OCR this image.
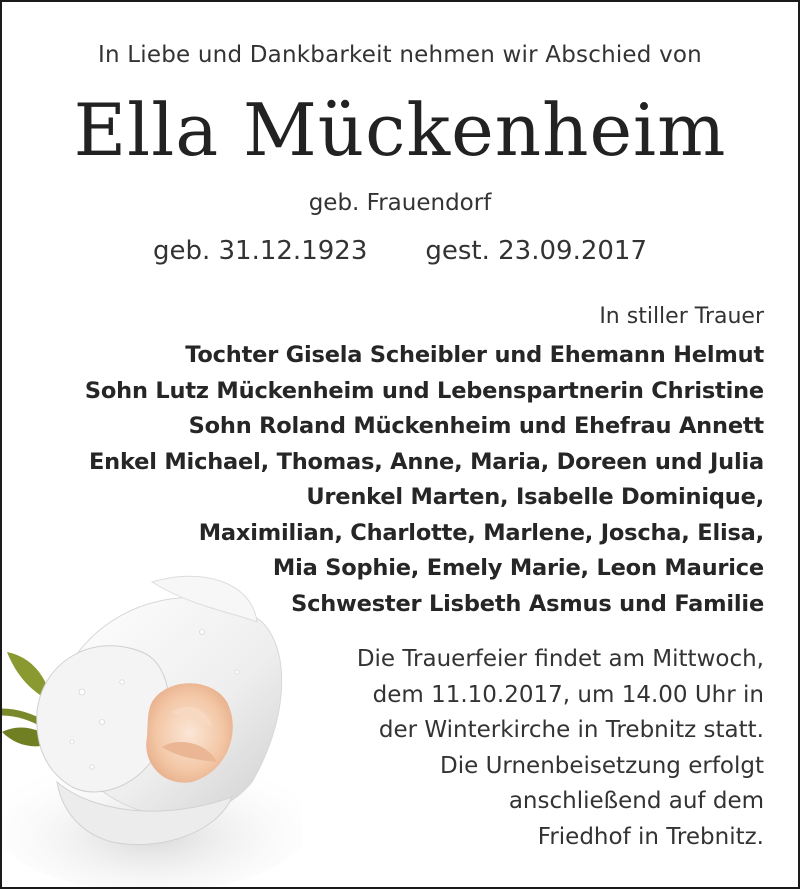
In Liebe und Dankbarkeit nehmen wir Abschied von
Ella Mückenheim
geb. Frauendorf
geb. 31.12.1923 gest. 23.09.2017
In stiller Trauer
Tochter Gisela Scheibler und Ehemann Helmut
Sohn Lutz Mückenheim und Lebenspartnerin Christine
Sohn Roland Mückenheim und Ehefrau Annett
Enkel Michael, Thomas, Anne, Maria, Doreen und Julia
Urenkel Marten, Isabelle Dominique,
Maximilian, Charlotte, Marlene, Joscha, Elisa,
Mia Sophie, Emely Marie, Leon Maurice
Schwester Lisbeth Asmus und Familie
Die Trauerfeier findet am Mittwoch,
dem 11.10.2017, um 14.00 Uhr in
der Winterkirche in Trebnitz statt.
Die Urnenbeisetzung erfolgt
anschließend auf dem
Friedhof in Trebnitz.
